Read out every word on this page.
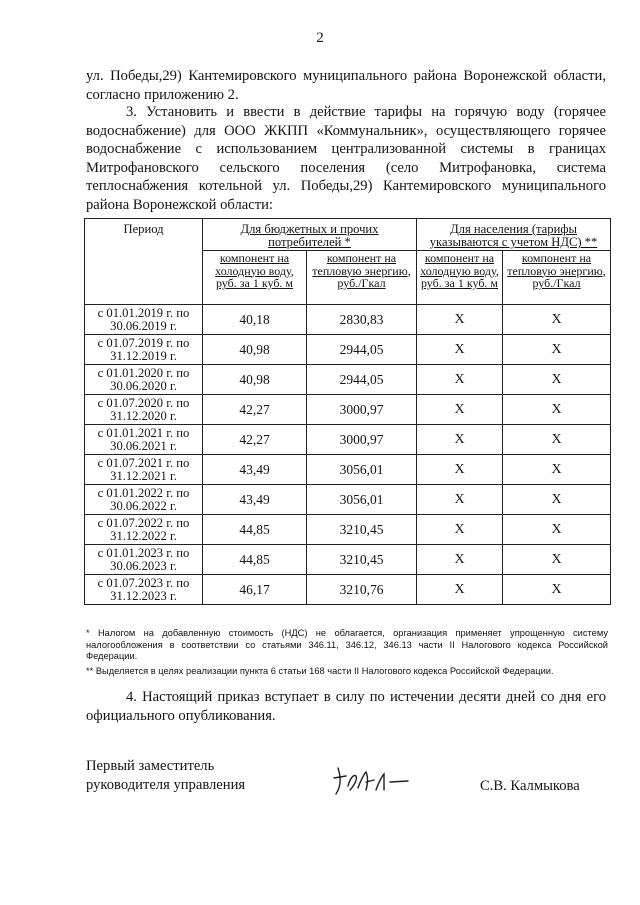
2
ул. Победы,29) Кантемировского муниципального района Воронежской области, согласно приложению 2.
3. Установить и ввести в действие тарифы на горячую воду (горячее водоснабжение) для ООО ЖКПП «Коммунальник», осуществляющего горячее водоснабжение с использованием централизованной системы в границах Митрофановского сельского поселения (село Митрофановка, система теплоснабжения котельной ул. Победы,29) Кантемировского муниципального района Воронежской области:
Период	Для бюджетных и прочих потребителей *		Для населения (тарифы указываются с учетом НДС) **	
	компонент на холодную воду, руб. за 1 куб. м	компонент на тепловую энергию, руб./Гкал	компонент на холодную воду, руб. за 1 куб. м	компонент на тепловую энергию, руб./Гкал
с 01.01.2019 г. по 30.06.2019 г.	40,18	2830,83	X	X
с 01.07.2019 г. по 31.12.2019 г.	40,98	2944,05	X	X
с 01.01.2020 г. по 30.06.2020 г.	40,98	2944,05	X	X
с 01.07.2020 г. по 31.12.2020 г.	42,27	3000,97	X	X
с 01.01.2021 г. по 30.06.2021 г.	42,27	3000,97	X	X
с 01.07.2021 г. по 31.12.2021 г.	43,49	3056,01	X	X
с 01.01.2022 г. по 30.06.2022 г.	43,49	3056,01	X	X
с 01.07.2022 г. по 31.12.2022 г.	44,85	3210,45	X	X
с 01.01.2023 г. по 30.06.2023 г.	44,85	3210,45	X	X
с 01.07.2023 г. по 31.12.2023 г.	46,17	3210,76	X	X

* Налогом на добавленную стоимость (НДС) не облагается, организация применяет упрощенную систему налогообложения в соответствии со статьями 346.11, 346.12, 346.13 части II Налогового кодекса Российской Федерации.

** Выделяется в целях реализации пункта 6 статьи 168 части II Налогового кодекса Российской Федерации.

4. Настоящий приказ вступает в силу по истечении десяти дней со дня его официального опубликования.
Первый заместитель
руководителя управления	С.В. Калмыкова
